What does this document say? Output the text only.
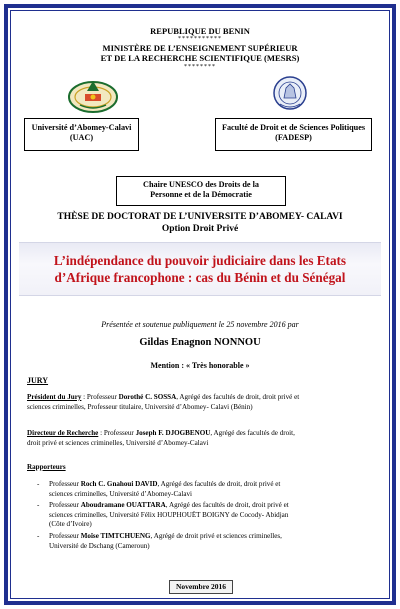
REPUBLIQUE DU BENIN
***********
MINISTÈRE DE L’ENSEIGNEMENT SUPÉRIEUR
ET DE LA RECHERCHE SCIENTIFIQUE (MESRS)
********
Université d’Abomey-Calavi
(UAC)
Faculté de Droit et de Sciences Politiques
(FADESP)
Chaire UNESCO des Droits de la
Personne et de la Démocratie
THÈSE DE DOCTORAT DE L’UNIVERSITE D’ABOMEY- CALAVI
Option Droit Privé
L’indépendance du pouvoir judiciaire dans les Etats
d’Afrique francophone : cas du Bénin et du Sénégal
Présentée et soutenue publiquement le 25 novembre 2016 par
Gildas Enagnon NONNOU
Mention : « Très honorable »
JURY
Président du Jury : Professeur Dorothé C. SOSSA, Agrégé des facultés de droit, droit privé et
sciences criminelles, Professeur titulaire, Université d’Abomey- Calavi (Bénin)
Directeur de Recherche : Professeur Joseph F. DJOGBENOU, Agrégé des facultés de droit,
droit privé et sciences criminelles, Université d’Abomey-Calavi
Rapporteurs
- Professeur Roch C. Gnahoui DAVID, Agrégé des facultés de droit, droit privé et
sciences criminelles, Université d’Abomey-Calavi
- Professeur Aboudramane OUATTARA, Agrégé des facultés de droit, droit privé et
sciences criminelles, Université Félix HOUPHOUËT BOIGNY de Cocody- Abidjan
(Côte d’Ivoire)
- Professeur Moïse TIMTCHUENG, Agrégé de droit privé et sciences criminelles,
Université de Dschang (Cameroun)
Novembre 2016
